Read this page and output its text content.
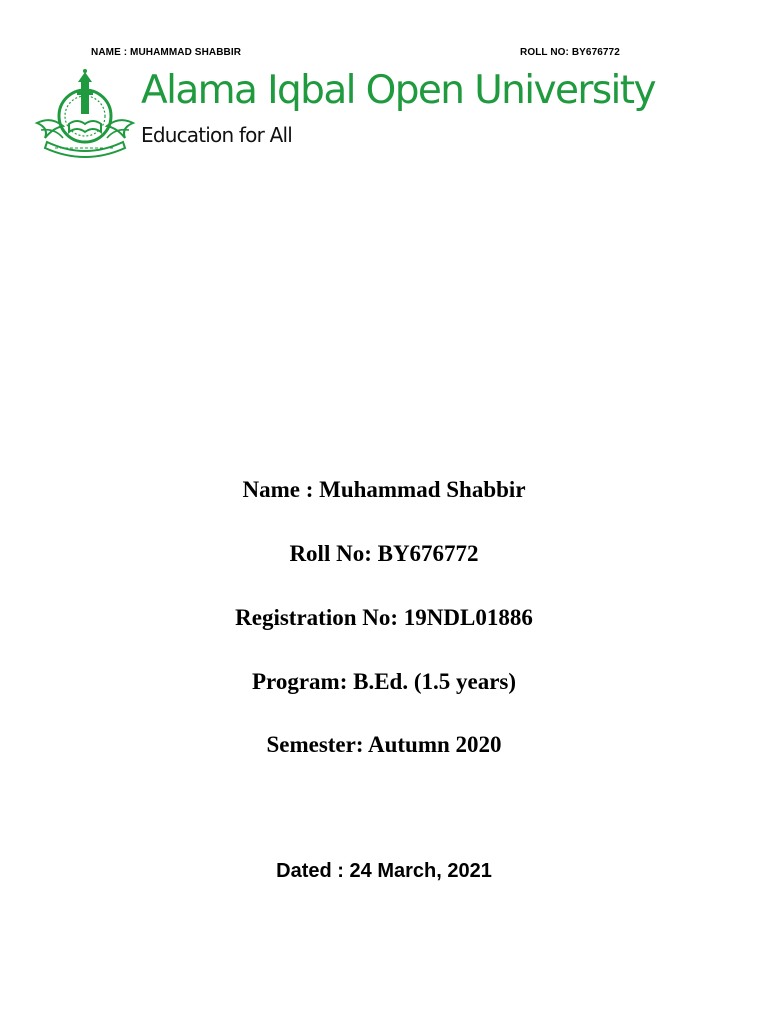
NAME : MUHAMMAD SHABBIR	ROLL NO: BY676772
Alama Iqbal Open University
Education for All
Name : Muhammad Shabbir
Roll No: BY676772
Registration No: 19NDL01886
Program: B.Ed. (1.5 years)
Semester: Autumn 2020
Dated : 24 March, 2021
